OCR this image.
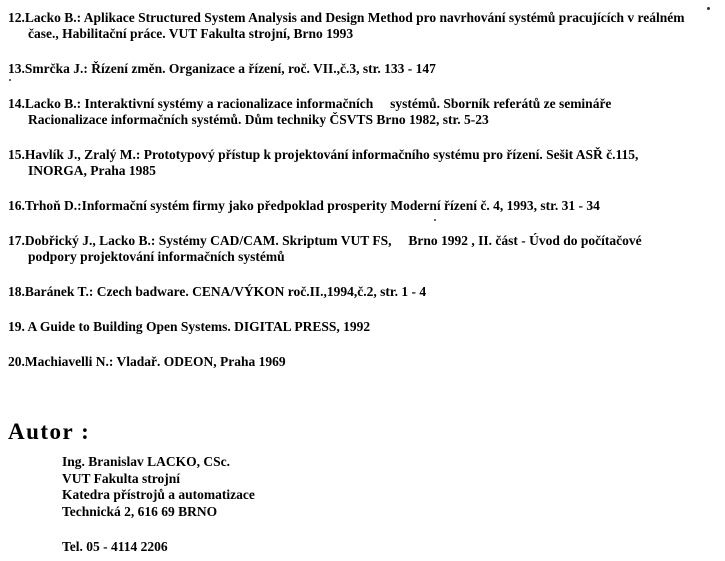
12.Lacko B.: Aplikace Structured System Analysis and Design Method pro navrhování systémů pracujících v reálném
čase., Habilitační práce. VUT Fakulta strojní, Brno 1993
13.Smrčka J.: Řízení změn. Organizace a řízení, roč. VII.,č.3, str. 133 - 147
14.Lacko B.: Interaktivní systémy a racionalizace informačních     systémů. Sborník referátů ze semináře
Racionalizace informačních systémů. Dům techniky ČSVTS Brno 1982, str. 5-23
15.Havlík J., Zralý M.: Prototypový přístup k projektování informačního systému pro řízení. Sešit ASŘ č.115,
INORGA, Praha 1985
16.Trhoň D.:Informační systém firmy jako předpoklad prosperity Moderní řízení č. 4, 1993, str. 31 - 34
17.Dobřický J., Lacko B.: Systémy CAD/CAM. Skriptum VUT FS,     Brno 1992 , II. část - Úvod do počítačové
podpory projektování informačních systémů
18.Baránek T.: Czech badware. CENA/VÝKON roč.II.,1994,č.2, str. 1 - 4
19. A Guide to Building Open Systems. DIGITAL PRESS, 1992
20.Machiavelli N.: Vladař. ODEON, Praha 1969
Autor :
Ing. Branislav LACKO, CSc.
VUT Fakulta strojní
Katedra přístrojů a automatizace
Technická 2, 616 69 BRNO
Tel. 05 - 4114 2206
